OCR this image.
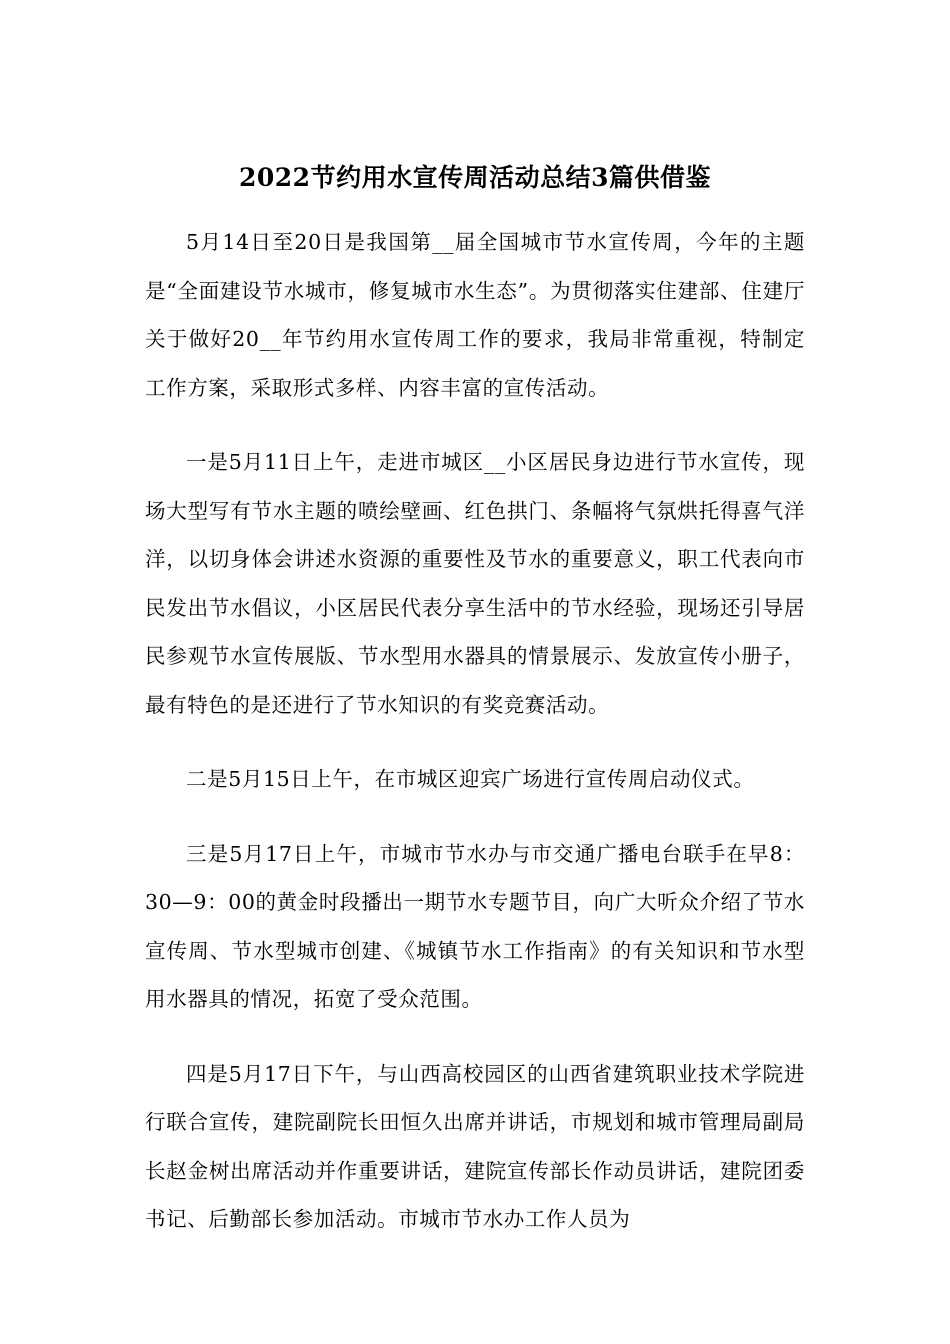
2022节约用水宣传周活动总结3篇供借鉴

5月14日至20日是我国第__届全国城市节水宣传周，今年的主题是“全面建设节水城市，修复城市水生态”。为贯彻落实住建部、住建厅关于做好20__年节约用水宣传周工作的要求，我局非常重视，特制定工作方案，采取形式多样、内容丰富的宣传活动。

一是5月11日上午，走进市城区__小区居民身边进行节水宣传，现场大型写有节水主题的喷绘壁画、红色拱门、条幅将气氛烘托得喜气洋洋，以切身体会讲述水资源的重要性及节水的重要意义，职工代表向市民发出节水倡议，小区居民代表分享生活中的节水经验，现场还引导居民参观节水宣传展版、节水型用水器具的情景展示、发放宣传小册子，最有特色的是还进行了节水知识的有奖竞赛活动。

二是5月15日上午，在市城区迎宾广场进行宣传周启动仪式。

三是5月17日上午，市城市节水办与市交通广播电台联手在早8：30—9：00的黄金时段播出一期节水专题节目，向广大听众介绍了节水宣传周、节水型城市创建、《城镇节水工作指南》的有关知识和节水型用水器具的情况，拓宽了受众范围。

四是5月17日下午，与山西高校园区的山西省建筑职业技术学院进行联合宣传，建院副院长田恒久出席并讲话，市规划和城市管理局副局长赵金树出席活动并作重要讲话，建院宣传部长作动员讲话，建院团委书记、后勤部长参加活动。市城市节水办工作人员为
